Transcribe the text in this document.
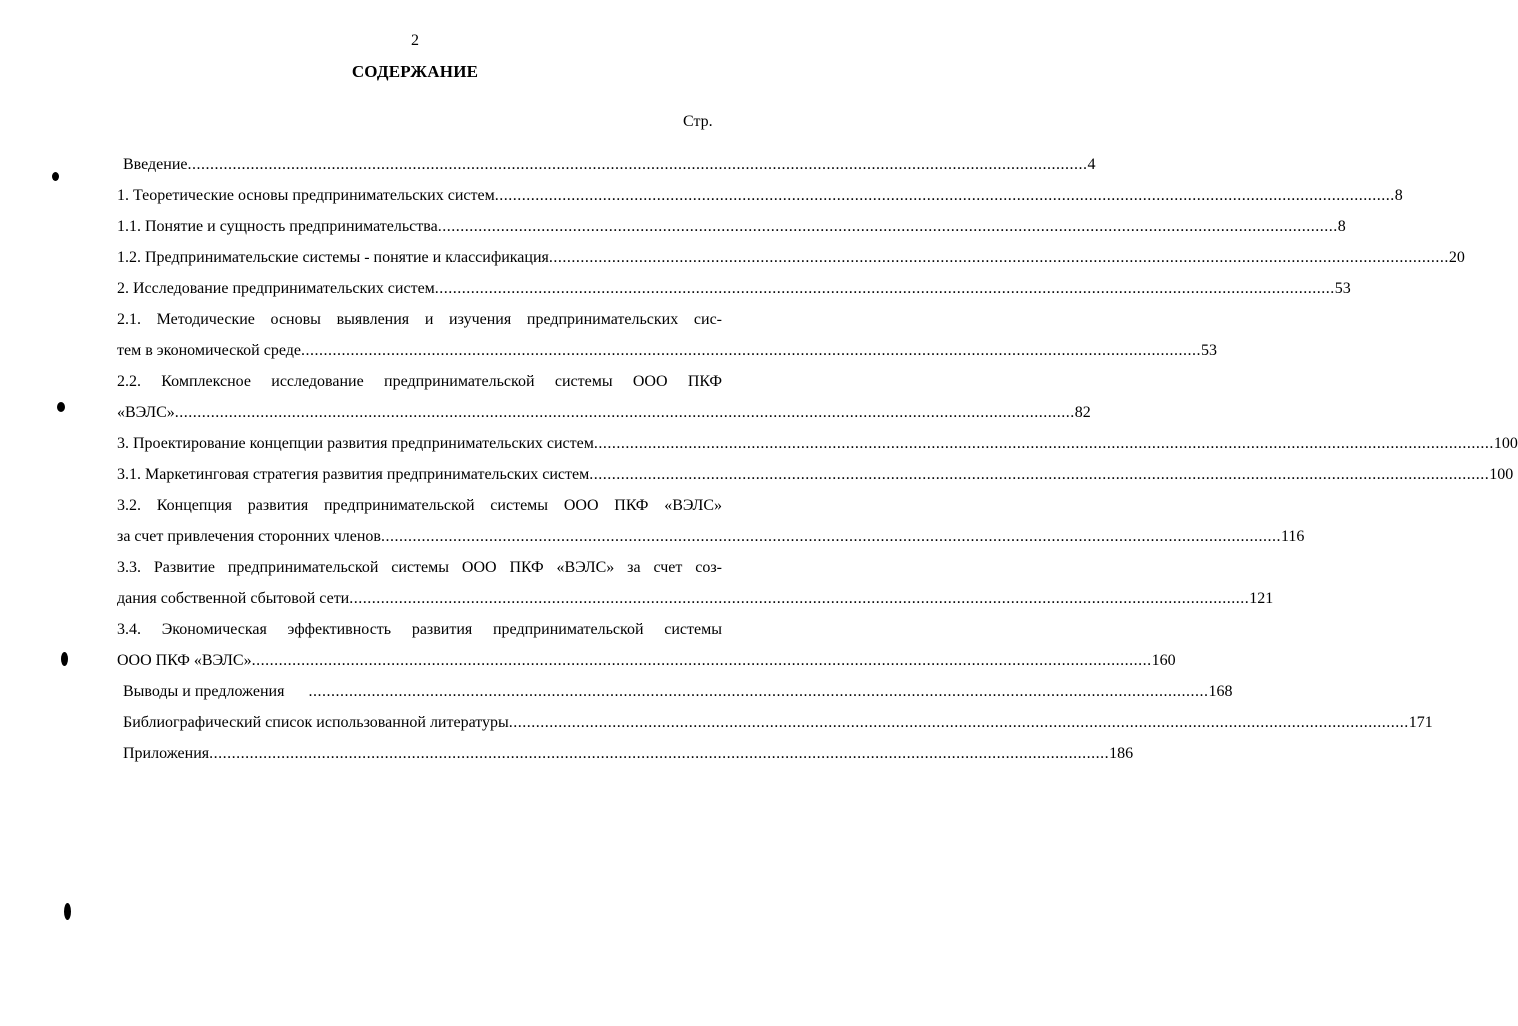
2
СОДЕРЖАНИЕ
Стр.
Введение .....	4
1. Теоретические основы предпринимательских систем .....	8
1.1. Понятие и сущность предпринимательства .....	8
1.2. Предпринимательские системы - понятие и классификация .....	20
2. Исследование предпринимательских систем .....	53
2.1. Методические основы выявления и изучения предпринимательских сис-
тем в экономической среде .....	53
2.2. Комплексное исследование предпринимательской системы ООО ПКФ
«ВЭЛС» .....	82
3. Проектирование концепции развития предпринимательских систем .....	100
3.1. Маркетинговая стратегия развития предпринимательских систем .....	100
3.2. Концепция развития предпринимательской системы ООО ПКФ «ВЭЛС»
за счет привлечения сторонних членов .....	116
3.3. Развитие предпринимательской системы ООО ПКФ «ВЭЛС» за счет соз-
дания собственной сбытовой сети .....	121
3.4. Экономическая эффективность развития предпринимательской системы
ООО ПКФ «ВЭЛС» .....	160
Выводы и предложения .....	168
Библиографический список использованной литературы .....	171
Приложения .....	186
